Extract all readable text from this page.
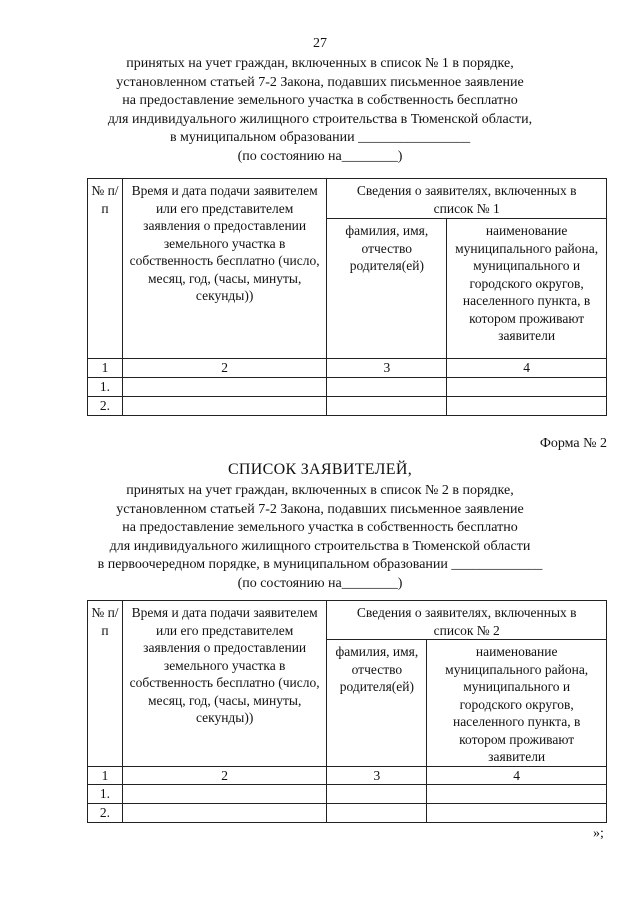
27
принятых на учет граждан, включенных в список № 1 в порядке,
установленном статьей 7-2 Закона, подавших письменное заявление
на предоставление земельного участка в собственность бесплатно
для индивидуального жилищного строительства в Тюменской области,
в муниципальном образовании ________________
(по состоянию на________)
№ п/п	Время и дата подачи заявителем или его представителем заявления о предоставлении земельного участка в собственность бесплатно (число, месяц, год, (часы, минуты, секунды))	Сведения о заявителях, включенных в список № 1	
		фамилия, имя, отчество родителя(ей)	наименование муниципального района, муниципального и городского округов, населенного пункта, в котором проживают заявители
1	2	3	4
1.			
2.			
Форма № 2
СПИСОК ЗАЯВИТЕЛЕЙ,
принятых на учет граждан, включенных в список № 2 в порядке,
установленном статьей 7-2 Закона, подавших письменное заявление
на предоставление земельного участка в собственность бесплатно
для индивидуального жилищного строительства в Тюменской области
в первоочередном порядке, в муниципальном образовании _____________
(по состоянию на________)
№ п/п	Время и дата подачи заявителем или его представителем заявления о предоставлении земельного участка в собственность бесплатно (число, месяц, год, (часы, минуты, секунды))	Сведения о заявителях, включенных в список № 2	
		фамилия, имя, отчество родителя(ей)	наименование муниципального района, муниципального и городского округов, населенного пункта, в котором проживают заявители
1	2	3	4
1.			
2.			
»;
